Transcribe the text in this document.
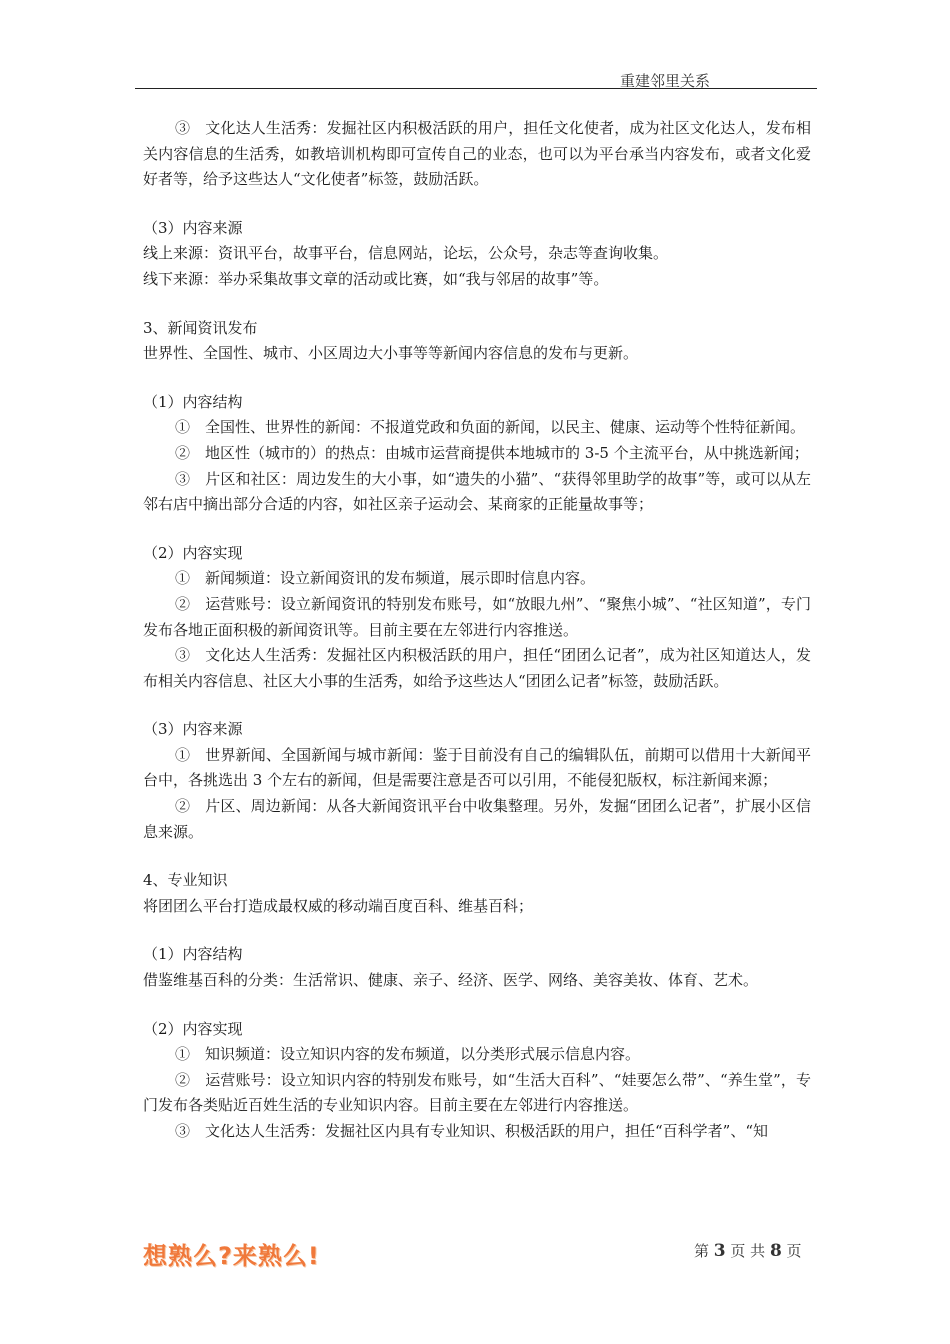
重建邻里关系

③　文化达人生活秀：发掘社区内积极活跃的用户，担任文化使者，成为社区文化达人，发布相关内容信息的生活秀，如教培训机构即可宣传自己的业态，也可以为平台承当内容发布，或者文化爱好者等，给予这些达人“文化使者”标签，鼓励活跃。

（3）内容来源

线上来源：资讯平台，故事平台，信息网站，论坛，公众号，杂志等查询收集。

线下来源：举办采集故事文章的活动或比赛，如“我与邻居的故事”等。

3、新闻资讯发布

世界性、全国性、城市、小区周边大小事等等新闻内容信息的发布与更新。

（1）内容结构

①　全国性、世界性的新闻：不报道党政和负面的新闻，以民主、健康、运动等个性特征新闻。

②　地区性（城市的）的热点：由城市运营商提供本地城市的 3-5 个主流平台，从中挑选新闻；

③　片区和社区：周边发生的大小事，如“遗失的小猫”、“获得邻里助学的故事”等，或可以从左邻右店中摘出部分合适的内容，如社区亲子运动会、某商家的正能量故事等；

（2）内容实现

①　新闻频道：设立新闻资讯的发布频道，展示即时信息内容。

②　运营账号：设立新闻资讯的特别发布账号，如“放眼九州”、“聚焦小城”、“社区知道”，专门发布各地正面积极的新闻资讯等。目前主要在左邻进行内容推送。

③　文化达人生活秀：发掘社区内积极活跃的用户，担任“团团么记者”，成为社区知道达人，发布相关内容信息、社区大小事的生活秀，如给予这些达人“团团么记者”标签，鼓励活跃。

（3）内容来源

①　世界新闻、全国新闻与城市新闻：鉴于目前没有自己的编辑队伍，前期可以借用十大新闻平台中，各挑选出 3 个左右的新闻，但是需要注意是否可以引用，不能侵犯版权，标注新闻来源；

②　片区、周边新闻：从各大新闻资讯平台中收集整理。另外，发掘“团团么记者”，扩展小区信息来源。

4、专业知识

将团团么平台打造成最权威的移动端百度百科、维基百科；

（1）内容结构

借鉴维基百科的分类：生活常识、健康、亲子、经济、医学、网络、美容美妆、体育、艺术。

（2）内容实现

①　知识频道：设立知识内容的发布频道，以分类形式展示信息内容。

②　运营账号：设立知识内容的特别发布账号，如“生活大百科”、“娃要怎么带”、“养生堂”，专门发布各类贴近百姓生活的专业知识内容。目前主要在左邻进行内容推送。

③　文化达人生活秀：发掘社区内具有专业知识、积极活跃的用户，担任“百科学者”、“知

想熟么?来熟么!	第 3 页 共 8 页
